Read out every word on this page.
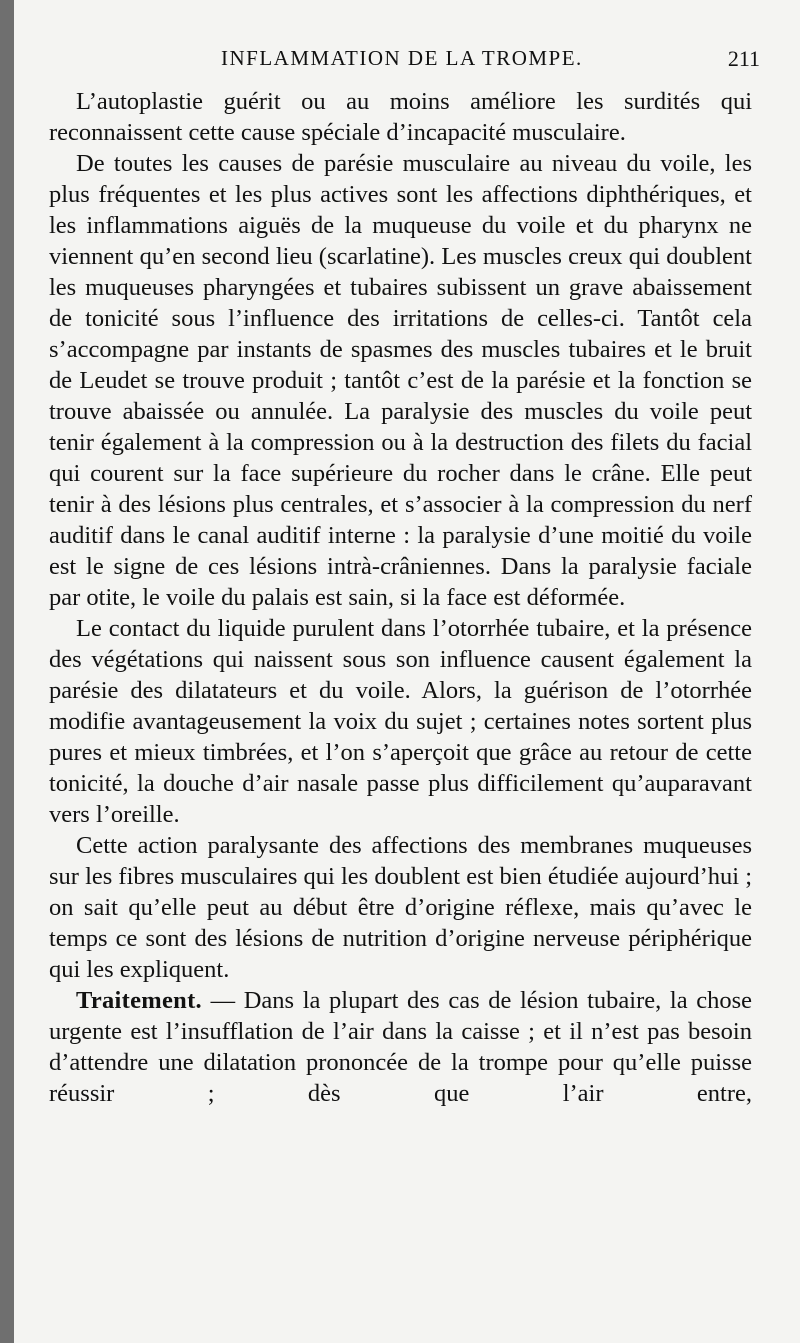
INFLAMMATION DE LA TROMPE.	211

L’autoplastie guérit ou au moins améliore les surdités qui reconnaissent cette cause spéciale d’incapacité musculaire.

De toutes les causes de parésie musculaire au niveau du voile, les plus fréquentes et les plus actives sont les affections diphthériques, et les inflammations aiguës de la muqueuse du voile et du pharynx ne viennent qu’en second lieu (scarlatine). Les muscles creux qui doublent les muqueuses pharyngées et tubaires subissent un grave abaissement de tonicité sous l’influence des irritations de celles-ci. Tantôt cela s’accompagne par instants de spasmes des muscles tubaires et le bruit de Leudet se trouve produit ; tantôt c’est de la parésie et la fonction se trouve abaissée ou annulée. La paralysie des muscles du voile peut tenir également à la compression ou à la destruction des filets du facial qui courent sur la face supérieure du rocher dans le crâne. Elle peut tenir à des lésions plus centrales, et s’associer à la compression du nerf auditif dans le canal auditif interne : la paralysie d’une moitié du voile est le signe de ces lésions intrà-crâniennes. Dans la paralysie faciale par otite, le voile du palais est sain, si la face est déformée.

Le contact du liquide purulent dans l’otorrhée tubaire, et la présence des végétations qui naissent sous son influence causent également la parésie des dilatateurs et du voile. Alors, la guérison de l’otorrhée modifie avantageusement la voix du sujet ; certaines notes sortent plus pures et mieux timbrées, et l’on s’aperçoit que grâce au retour de cette tonicité, la douche d’air nasale passe plus difficilement qu’auparavant vers l’oreille.

Cette action paralysante des affections des membranes muqueuses sur les fibres musculaires qui les doublent est bien étudiée aujourd’hui ; on sait qu’elle peut au début être d’origine réflexe, mais qu’avec le temps ce sont des lésions de nutrition d’origine nerveuse périphérique qui les expliquent.

Traitement. — Dans la plupart des cas de lésion tubaire, la chose urgente est l’insufflation de l’air dans la caisse ; et il n’est pas besoin d’attendre une dilatation prononcée de la trompe pour qu’elle puisse réussir ; dès que l’air entre,
